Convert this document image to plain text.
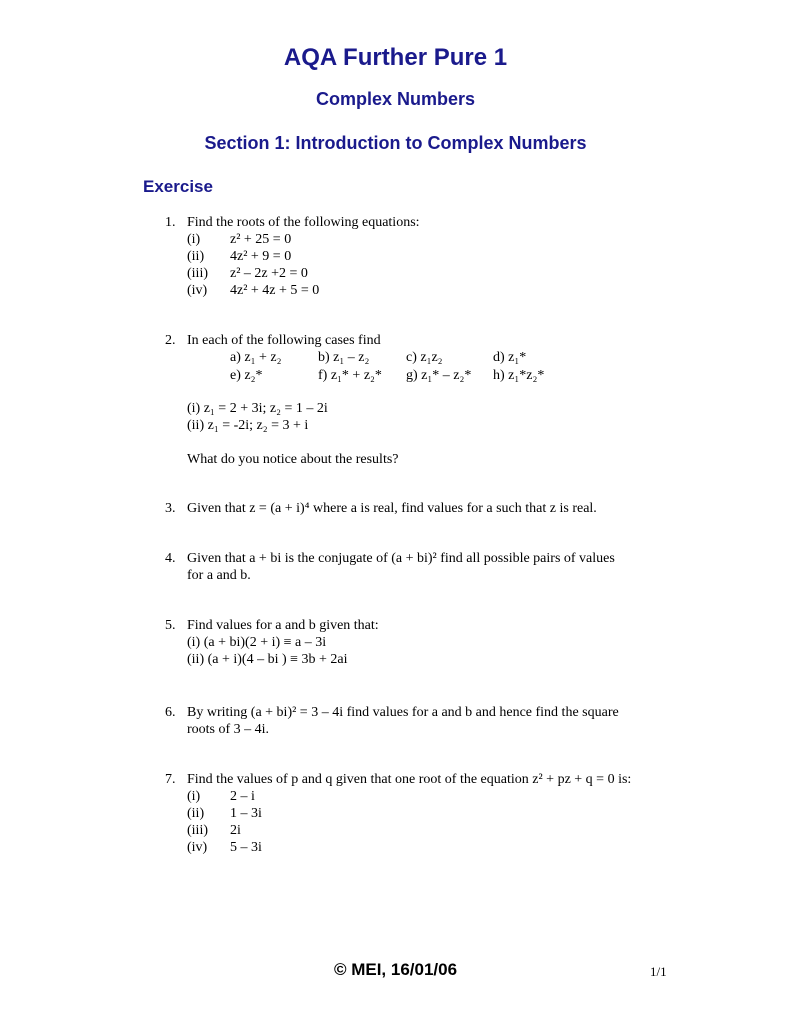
AQA Further Pure 1
Complex Numbers
Section 1: Introduction to Complex Numbers
Exercise
1. Find the roots of the following equations:
(i) z² + 25 = 0
(ii) 4z² + 9 = 0
(iii) z² – 2z +2 = 0
(iv) 4z² + 4z + 5 = 0
2. In each of the following cases find
a) z₁ + z₂	b) z₁ – z₂	c) z₁z₂	d) z₁*
e) z₂*	f) z₁* + z₂* g) z₁* – z₂* h) z₁*z₂*
(i) z₁ = 2 + 3i; z₂ = 1 – 2i
(ii) z₁ = -2i; z₂ = 3 + i
What do you notice about the results?
3. Given that z = (a + i)⁴ where a is real, find values for a such that z is real.
4. Given that a + bi is the conjugate of (a + bi)² find all possible pairs of values
for a and b.
5. Find values for a and b given that:
(i) (a + bi)(2 + i) ≡ a – 3i
(ii) (a + i)(4 – bi ) ≡ 3b + 2ai
6. By writing (a + bi)² = 3 – 4i find values for a and b and hence find the square
roots of 3 – 4i.
7. Find the values of p and q given that one root of the equation z² + pz + q = 0 is:
(i) 2 – i
(ii) 1 – 3i
(iii) 2i
(iv) 5 – 3i
© MEI, 16/01/06	1/1
